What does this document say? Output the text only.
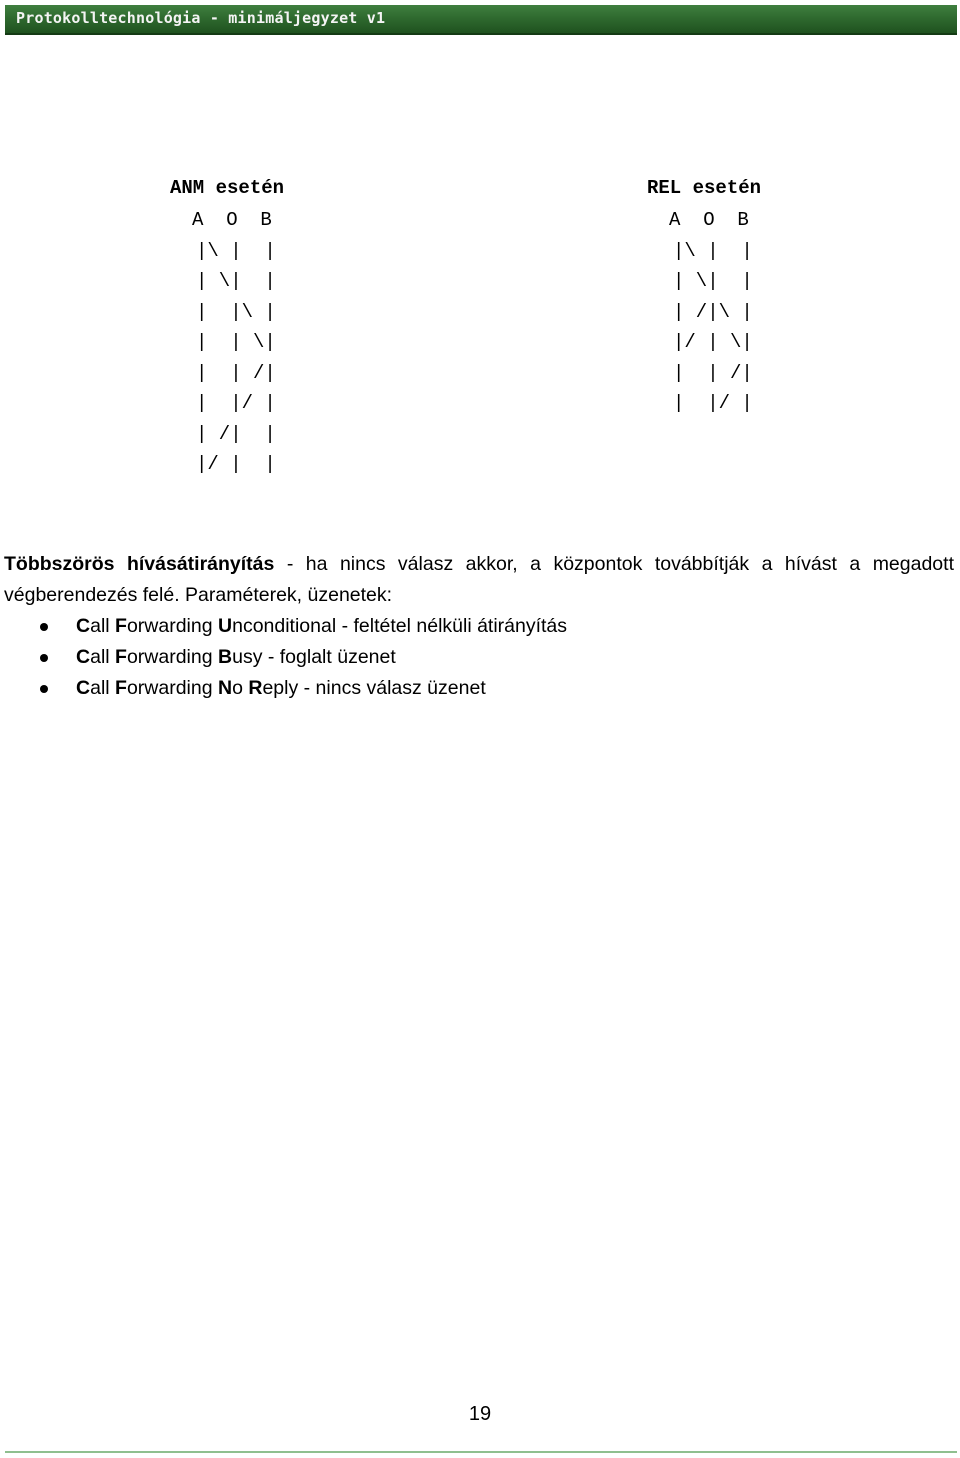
Protokolltechnológia - minimáljegyzet v1
ANM esetén
A  O  B
|\ |  |
| \|  |
|  |\ |
|  | \|
|  | /|
|  |/ |
| /|  |
|/ |  |
REL esetén
A  O  B
|\ |  |
| \|  |
| /|\ |
|/ | \|
|  | /|
|  |/ |

Többszörös hívásátirányítás - ha nincs válasz akkor, a központok továbbítják a hívást a megadott végberendezés felé. Paraméterek, üzenetek:

Call Forwarding Unconditional - feltétel nélküli átirányítás
Call Forwarding Busy - foglalt üzenet
Call Forwarding No Reply - nincs válasz üzenet
19
